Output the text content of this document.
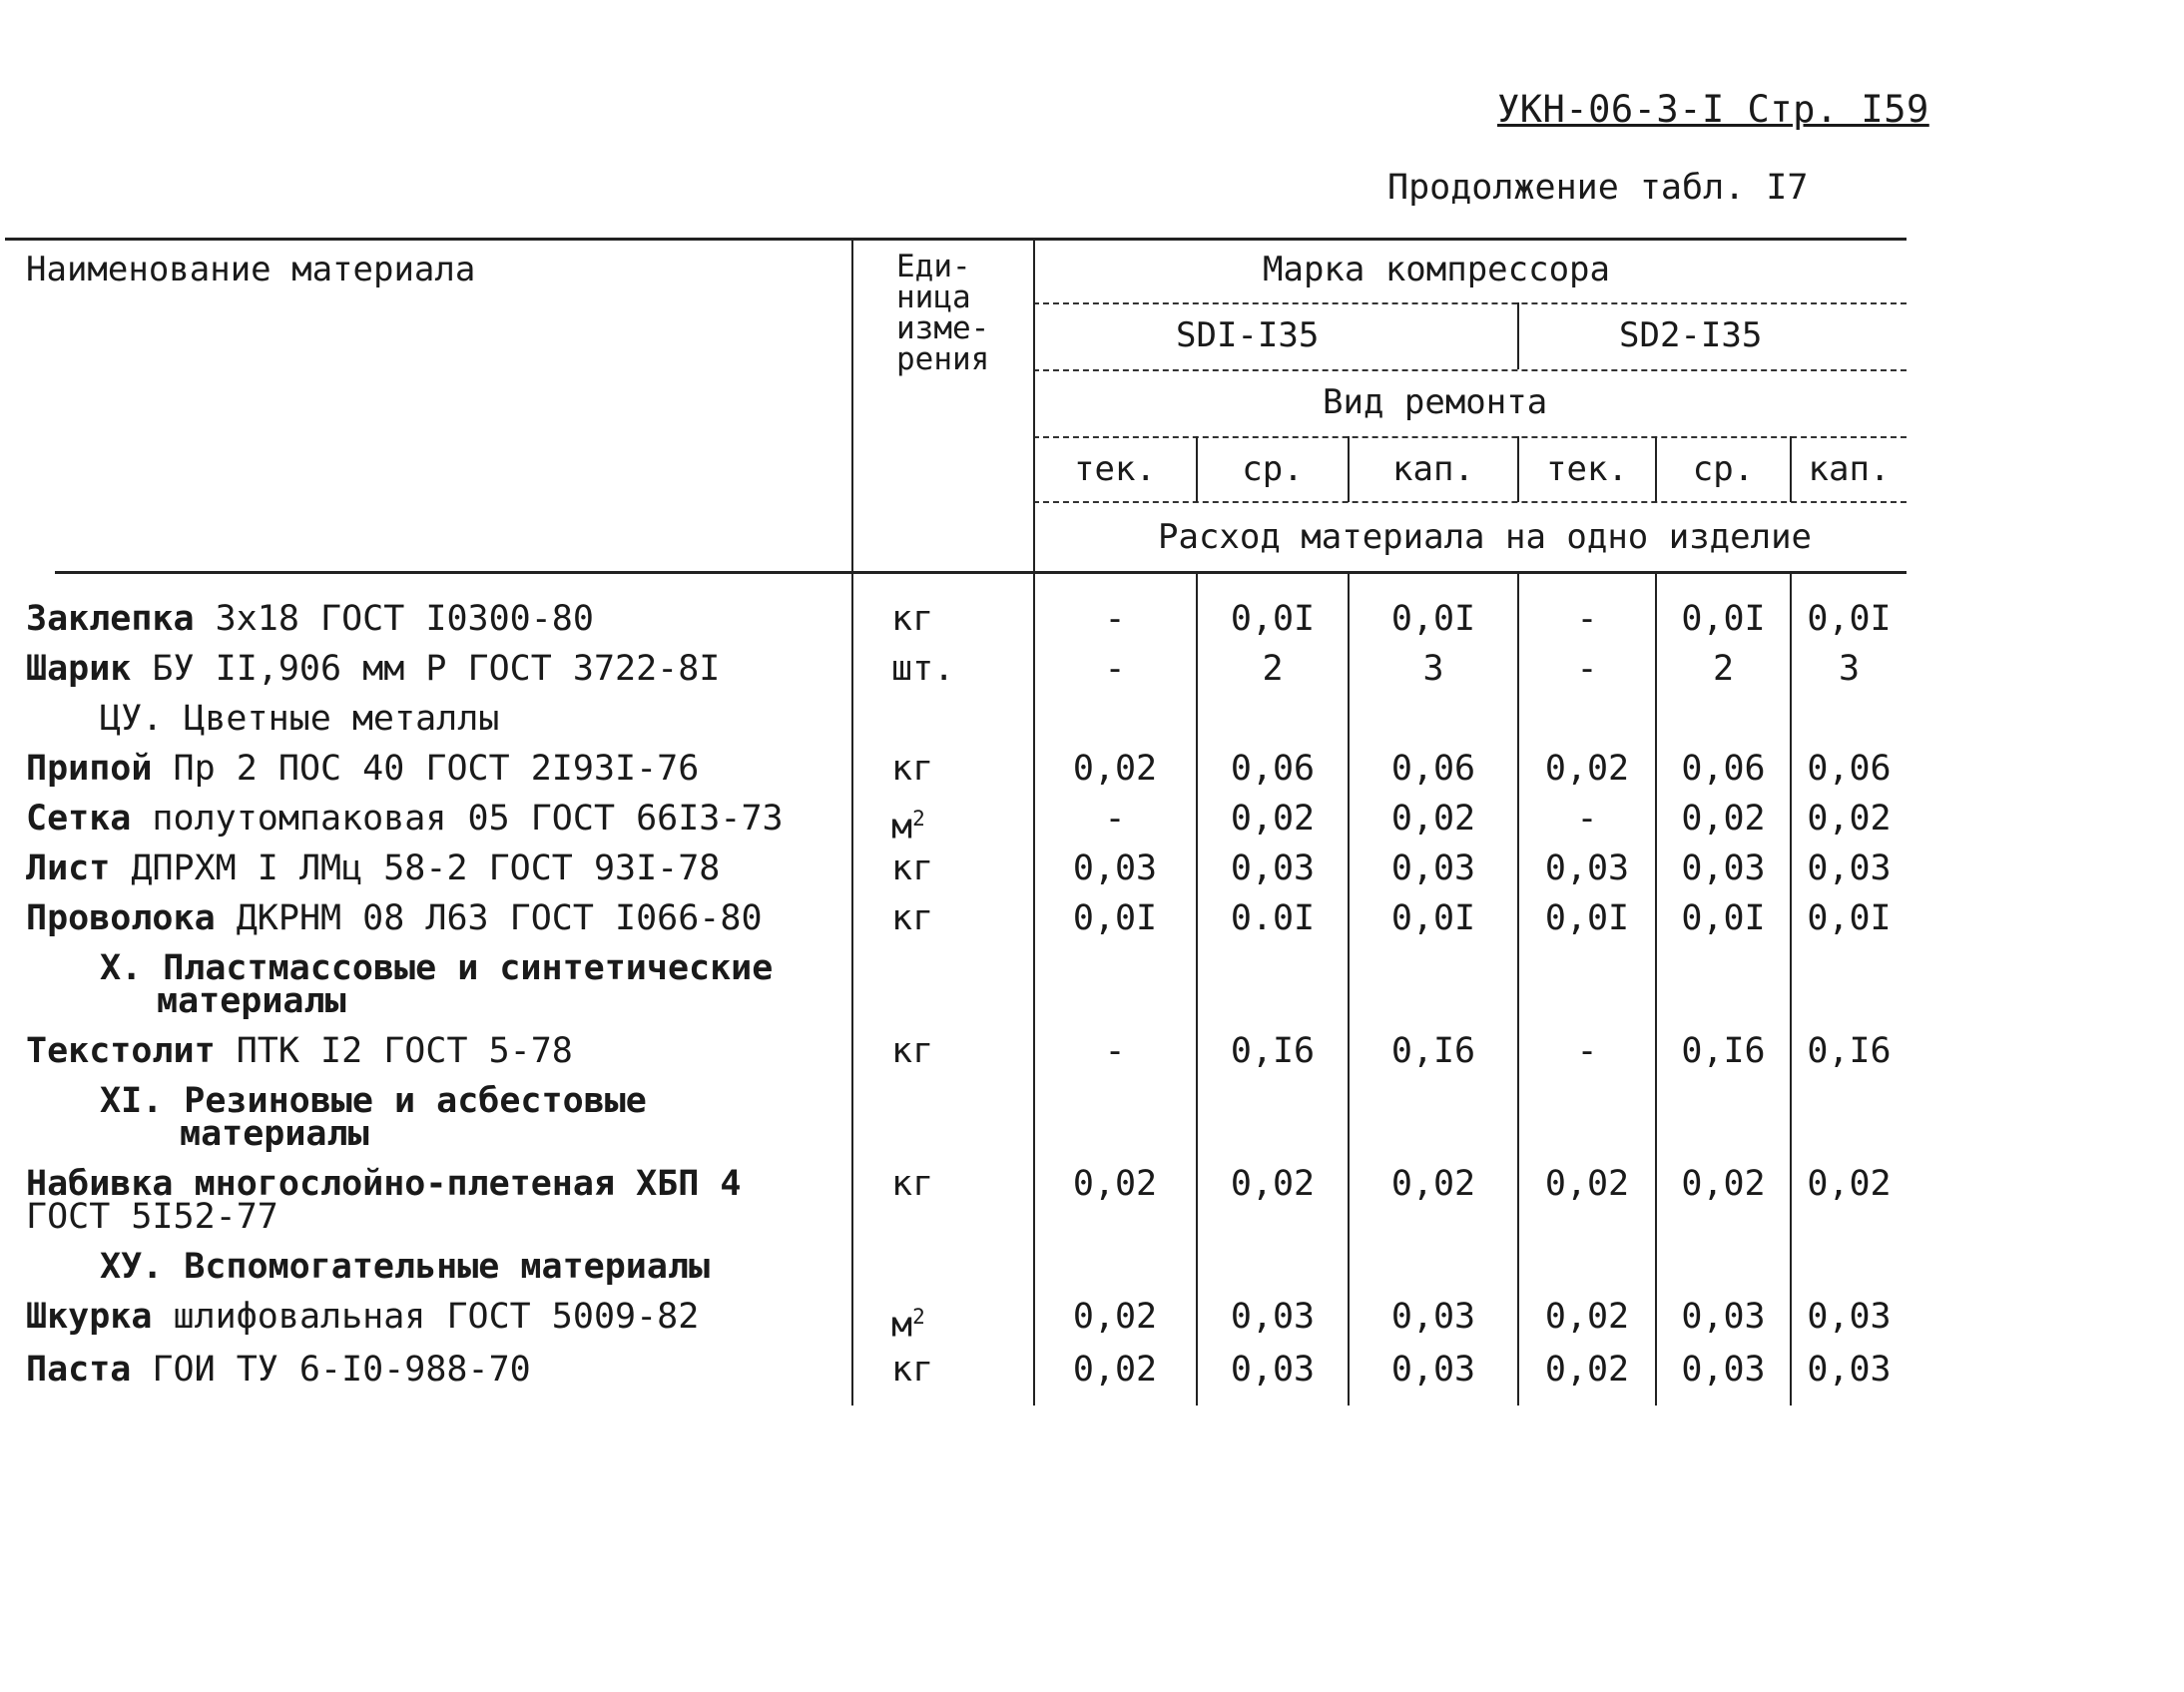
УКН-06-3-I Стр. I59
Продолжение табл. I7
Наименование материала	Еди-
ница
изме-
рения
Марка компрессора
SDI-I35	SD2-I35
Вид ремонта
тек.	ср.	кап.	тек.	ср.	кап.
Расход материала на одно изделие
Заклепка 3x18 ГОСТ I0300-80	кг	-	0,0I	0,0I	-	0,0I	0,0I
Шарик БУ II,906 мм Р ГОСТ 3722-8I	шт.	-	2	3	-	2	3
ЦУ. Цветные металлы
Припой Пр 2 ПОС 40 ГОСТ 2I93I-76	кг	0,02	0,06	0,06	0,02	0,06	0,06
Сетка полутомпаковая 05 ГОСТ 66I3-73	$м^2$	-	0,02	0,02	-	0,02	0,02
Лист ДПРХМ I ЛМц 58-2 ГОСТ 93I-78	кг	0,03	0,03	0,03	0,03	0,03	0,03
Проволока ДКРНМ 08 Л63 ГОСТ I066-80	кг	0,0I	0.0I	0,0I	0,0I	0,0I	0,0I
Х. Пластмассовые и синтетические
материалы
Текстолит ПТК I2 ГОСТ 5-78	кг	-	0,I6	0,I6	-	0,I6	0,I6
XI. Резиновые и асбестовые
материалы
Набивка многослойно-плетеная ХБП 4
ГОСТ 5I52-77
кг	0,02	0,02	0,02	0,02	0,02	0,02
ХУ. Вспомогательные материалы
Шкурка шлифовальная ГОСТ 5009-82	$м^2$	0,02	0,03	0,03	0,02	0,03	0,03
Паста ГОИ ТУ 6-I0-988-70	кг	0,02	0,03	0,03	0,02	0,03	0,03
